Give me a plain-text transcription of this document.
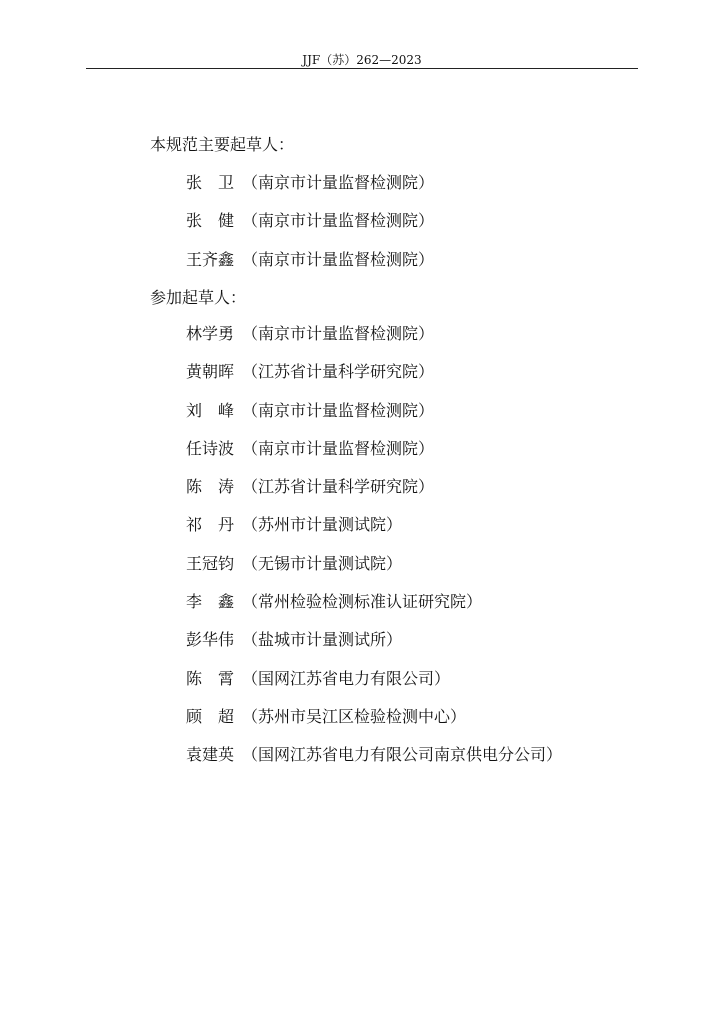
JJF（苏）262—2023
本规范主要起草人：
张　卫 （南京市计量监督检测院）
张　健 （南京市计量监督检测院）
王齐鑫 （南京市计量监督检测院）
参加起草人：
林学勇 （南京市计量监督检测院）
黄朝晖 （江苏省计量科学研究院）
刘　峰 （南京市计量监督检测院）
任诗波 （南京市计量监督检测院）
陈　涛 （江苏省计量科学研究院）
祁　丹 （苏州市计量测试院）
王冠钧 （无锡市计量测试院）
李　鑫 （常州检验检测标准认证研究院）
彭华伟 （盐城市计量测试所）
陈　霄 （国网江苏省电力有限公司）
顾　超 （苏州市吴江区检验检测中心）
袁建英 （国网江苏省电力有限公司南京供电分公司）
